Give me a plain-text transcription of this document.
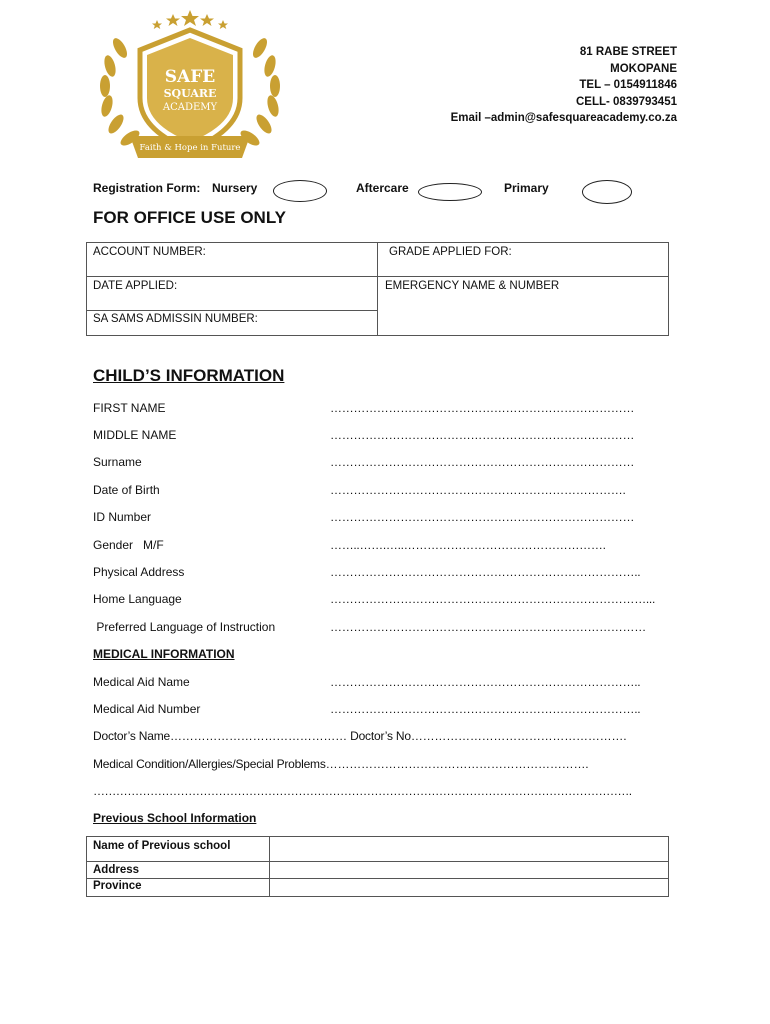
SAFE
SQUARE
ACADEMY
Faith & Hope in Future
81 RABE STREET
MOKOPANE
TEL – 0154911846
CELL- 0839793451
Email –admin@safesquareacademy.co.za
Registration Form: Nursery	Aftercare	Primary
FOR OFFICE USE ONLY
ACCOUNT NUMBER:	GRADE APPLIED FOR:
DATE APPLIED:	EMERGENCY NAME & NUMBER
SA SAMS ADMISSIN NUMBER:
CHILD’S INFORMATION
FIRST NAME	……………………………………………………………………
MIDDLE NAME	……………………………………………………………………
Surname	……………………………………………………………………
Date of Birth	………………………………………………………………….
ID Number	……………………………………………………………………
Gender   M/F	……..…….…..…………………………………………….
Physical Address	……………………………………………………………………..
Home Language	………………………………………………………………………...
Preferred Language of Instruction	………………………………………………………………………
MEDICAL INFORMATION
Medical Aid Name	……………………………………………………………………..
Medical Aid Number	……………………………………………………………………..
Doctor’s Name……………………………………… Doctor’s No……………………………………………….
Medical Condition/Allergies/Special Problems………………………………………………………….
…………………………………………………………………………………………………………………………….
Previous School Information
Name of Previous school
Address
Province
